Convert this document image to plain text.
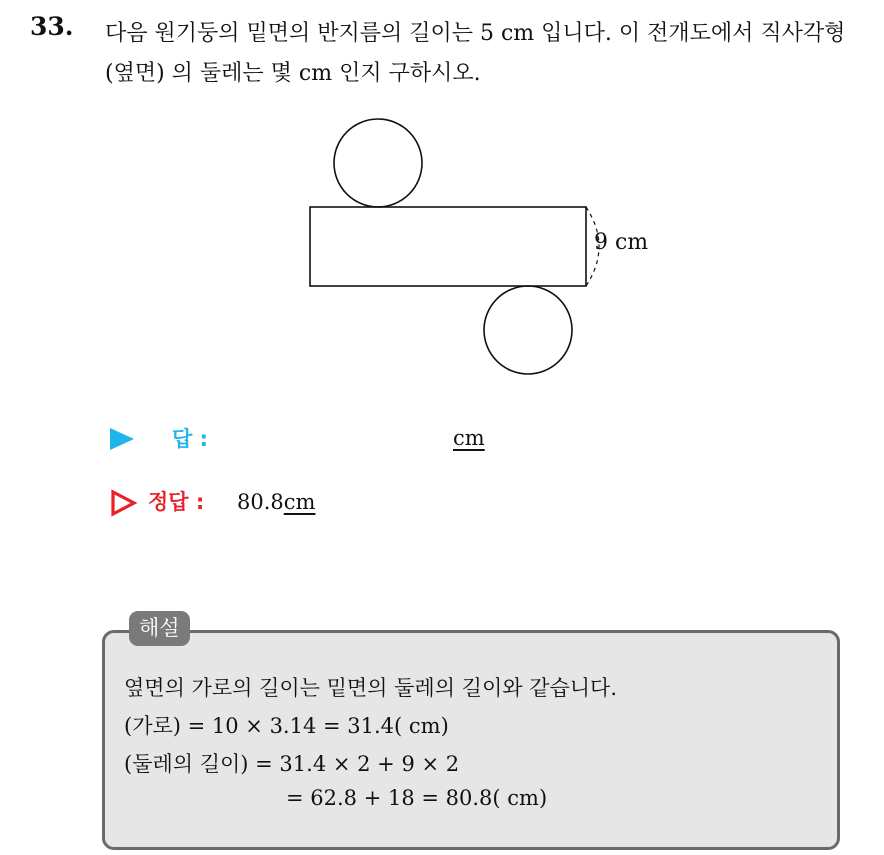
33. 다음 원기둥의 밑면의 반지름의 길이는 5 cm 입니다. 이 전개도에서 직사각형 (옆면) 의 둘레는 몇 cm 인지 구하시오.
9 cm
답 :	cm
정답 : 80.8cm
해설
옆면의 가로의 길이는 밑면의 둘레의 길이와 같습니다.
(가로) = 10 × 3.14 = 31.4( cm)
(둘레의 길이) = 31.4 × 2 + 9 × 2
= 62.8 + 18 = 80.8( cm)
